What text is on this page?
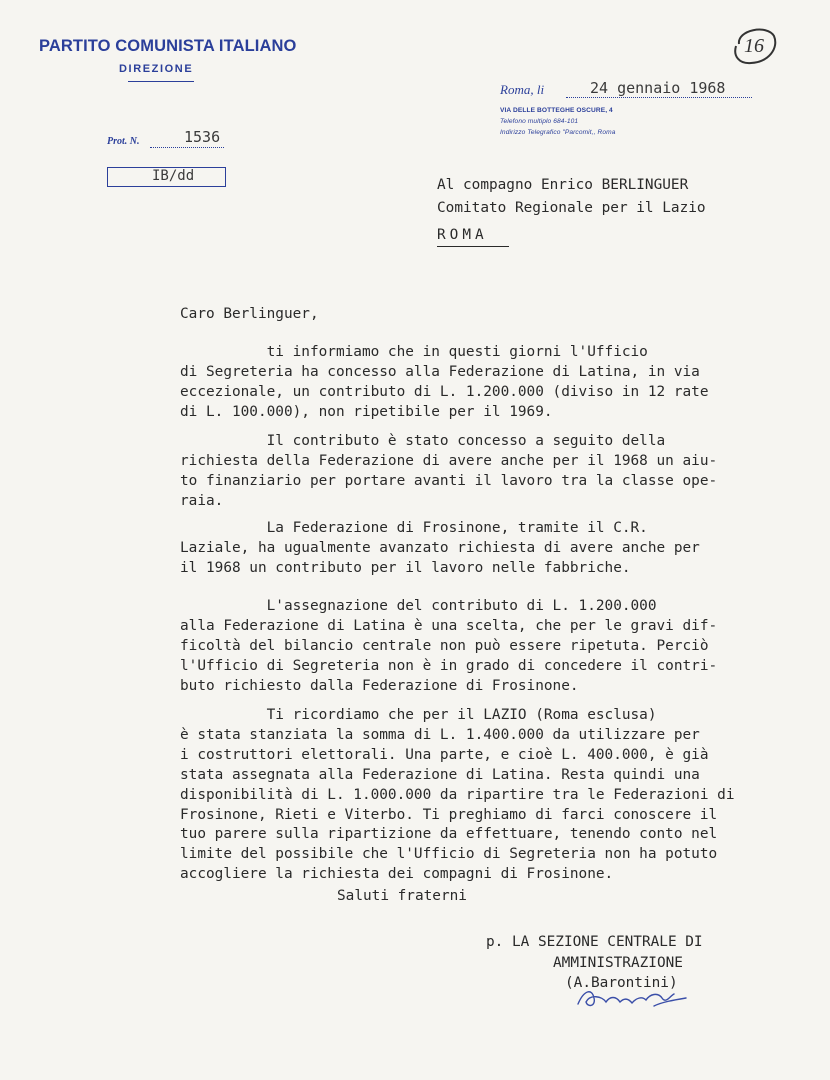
PARTITO COMUNISTA ITALIANO
DIREZIONE
16
Roma, li	24 gennaio 1968
VIA DELLE BOTTEGHE OSCURE, 4
Telefono multiplo 684-101
Indirizzo Telegrafico "Parcomit,, Roma
Prot. N.	1536
IB/dd
Al compagno Enrico BERLINGUER
Comitato Regionale per il Lazio
ROMA
Caro Berlinguer,
ti informiamo che in questi giorni l'Ufficio
di Segreteria ha concesso alla Federazione di Latina, in via
eccezionale, un contributo di L. 1.200.000 (diviso in 12 rate
di L. 100.000), non ripetibile per il 1969.
Il contributo è stato concesso a seguito della
richiesta della Federazione di avere anche per il 1968 un aiu-
to finanziario per portare avanti il lavoro tra la classe ope-
raia.
La Federazione di Frosinone, tramite il C.R.
Laziale, ha ugualmente avanzato richiesta di avere anche per
il 1968 un contributo per il lavoro nelle fabbriche.
L'assegnazione del contributo di L. 1.200.000
alla Federazione di Latina è una scelta, che per le gravi dif-
ficoltà del bilancio centrale non può essere ripetuta. Perciò
l'Ufficio di Segreteria non è in grado di concedere il contri-
buto richiesto dalla Federazione di Frosinone.
Ti ricordiamo che per il LAZIO (Roma esclusa)
è stata stanziata la somma di L. 1.400.000 da utilizzare per
i costruttori elettorali. Una parte, e cioè L. 400.000, è già
stata assegnata alla Federazione di Latina. Resta quindi una
disponibilità di L. 1.000.000 da ripartire tra le Federazioni di
Frosinone, Rieti e Viterbo. Ti preghiamo di farci conoscere il
tuo parere sulla ripartizione da effettuare, tenendo conto nel
limite del possibile che l'Ufficio di Segreteria non ha potuto
accogliere la richiesta dei compagni di Frosinone.
Saluti fraterni
p. LA SEZIONE CENTRALE DI
AMMINISTRAZIONE
(A.Barontini)
